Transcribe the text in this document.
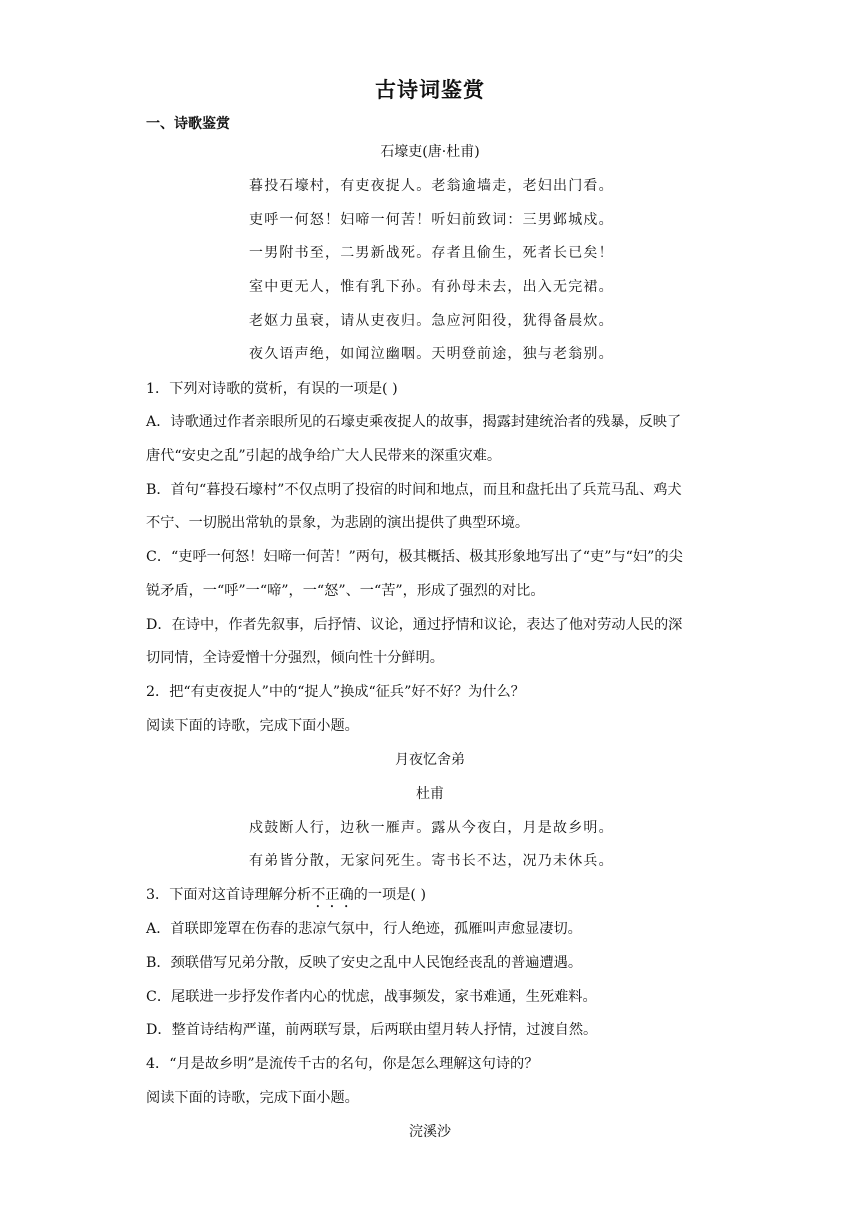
古诗词鉴赏
一、诗歌鉴赏
石壕吏(唐·杜甫)
暮投石壕村，有吏夜捉人。老翁逾墙走，老妇出门看。
吏呼一何怒！妇啼一何苦！听妇前致词：三男邺城戍。
一男附书至，二男新战死。存者且偷生，死者长已矣！
室中更无人，惟有乳下孙。有孙母未去，出入无完裙。
老妪力虽衰，请从吏夜归。急应河阳役，犹得备晨炊。
夜久语声绝，如闻泣幽咽。天明登前途，独与老翁别。
1．下列对诗歌的赏析，有误的一项是( )
A．诗歌通过作者亲眼所见的石壕吏乘夜捉人的故事，揭露封建统治者的残暴，反映了
唐代“安史之乱”引起的战争给广大人民带来的深重灾难。
B．首句“暮投石壕村”不仅点明了投宿的时间和地点，而且和盘托出了兵荒马乱、鸡犬
不宁、一切脱出常轨的景象，为悲剧的演出提供了典型环境。
C．“吏呼一何怒！妇啼一何苦！”两句，极其概括、极其形象地写出了“吏”与“妇”的尖
锐矛盾，一“呼”一“啼”，一“怒”、一“苦”，形成了强烈的对比。
D．在诗中，作者先叙事，后抒情、议论，通过抒情和议论，表达了他对劳动人民的深
切同情，全诗爱憎十分强烈，倾向性十分鲜明。
2．把“有吏夜捉人”中的“捉人”换成“征兵”好不好？为什么？
阅读下面的诗歌，完成下面小题。
月夜忆舍弟
杜甫
戍鼓断人行，边秋一雁声。露从今夜白，月是故乡明。
有弟皆分散，无家问死生。寄书长不达，况乃未休兵。
3．下面对这首诗理解分析不正确的一项是( )
A．首联即笼罩在伤春的悲凉气氛中，行人绝迹，孤雁叫声愈显凄切。
B．颈联借写兄弟分散，反映了安史之乱中人民饱经丧乱的普遍遭遇。
C．尾联进一步抒发作者内心的忧虑，战事频发，家书难通，生死难料。
D．整首诗结构严谨，前两联写景，后两联由望月转人抒情，过渡自然。
4．“月是故乡明”是流传千古的名句，你是怎么理解这句诗的？
阅读下面的诗歌，完成下面小题。
浣溪沙
